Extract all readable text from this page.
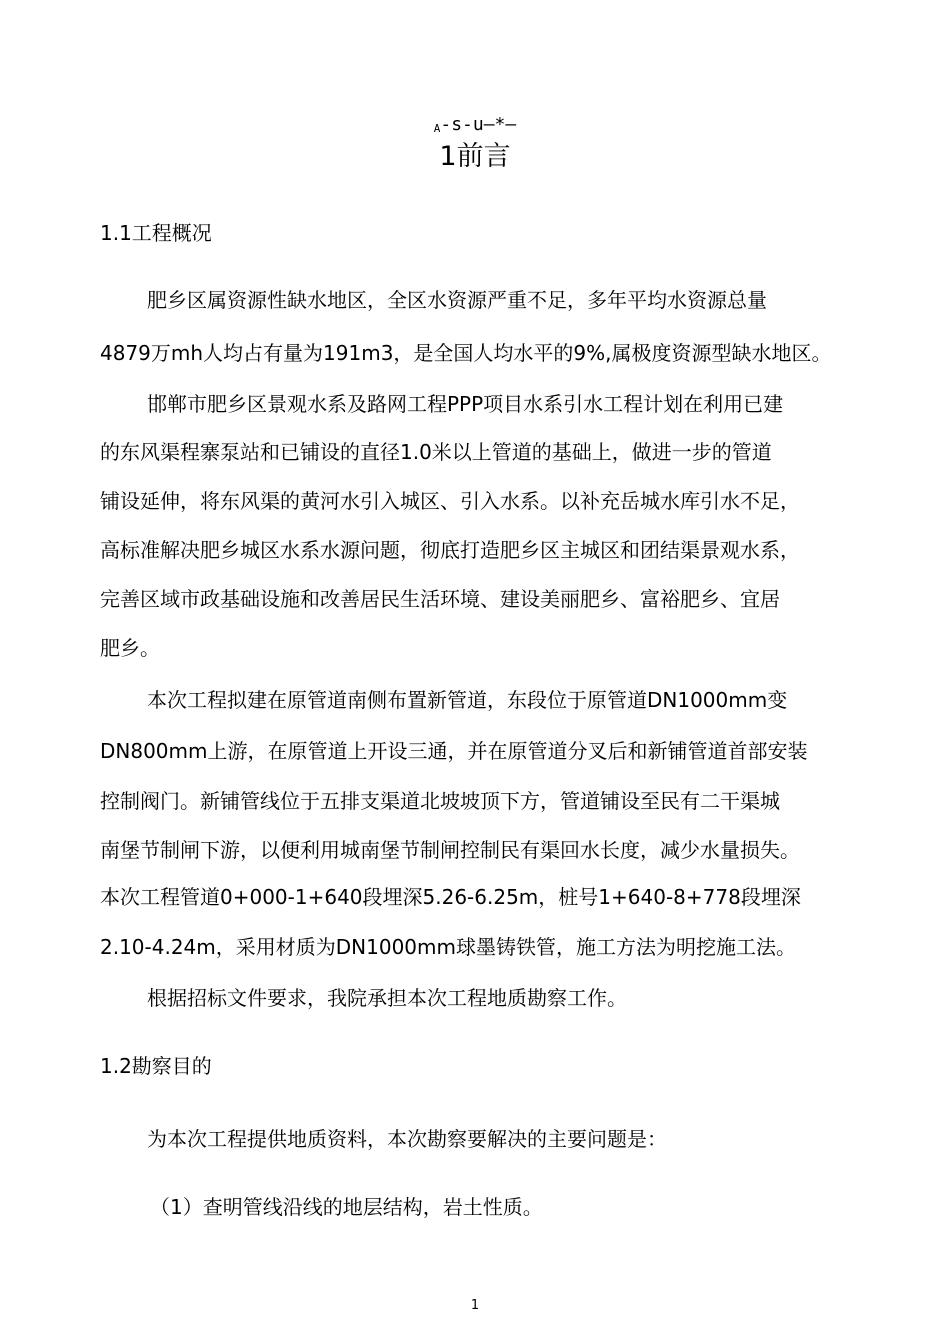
A-s-u—*—
1前言
1.1工程概况
肥乡区属资源性缺水地区，全区水资源严重不足，多年平均水资源总量
4879万mh人均占有量为191m3，是全国人均水平的9%,属极度资源型缺水地区。
邯郸市肥乡区景观水系及路网工程PPP项目水系引水工程计划在利用已建
的东风渠程寨泵站和已铺设的直径1.0米以上管道的基础上，做进一步的管道
铺设延伸，将东风渠的黄河水引入城区、引入水系。以补充岳城水库引水不足，
高标准解决肥乡城区水系水源问题，彻底打造肥乡区主城区和团结渠景观水系，
完善区域市政基础设施和改善居民生活环境、建设美丽肥乡、富裕肥乡、宜居
肥乡。
本次工程拟建在原管道南侧布置新管道，东段位于原管道DN1000mm变
DN800mm上游，在原管道上开设三通，并在原管道分叉后和新铺管道首部安装
控制阀门。新铺管线位于五排支渠道北坡坡顶下方，管道铺设至民有二干渠城
南堡节制闸下游，以便利用城南堡节制闸控制民有渠回水长度，减少水量损失。
本次工程管道0+000-1+640段埋深5.26-6.25m，桩号1+640-8+778段埋深
2.10-4.24m，采用材质为DN1000mm球墨铸铁管，施工方法为明挖施工法。
根据招标文件要求，我院承担本次工程地质勘察工作。
1.2勘察目的
为本次工程提供地质资料，本次勘察要解决的主要问题是：
（1）查明管线沿线的地层结构，岩土性质。
1
